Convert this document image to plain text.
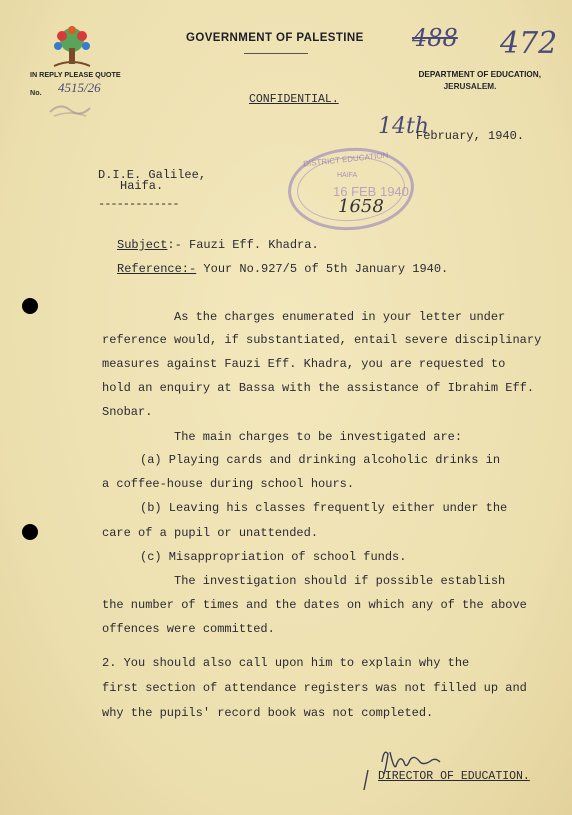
GOVERNMENT OF PALESTINE 488 472
IN REPLY PLEASE QUOTE
No. 4515/26
DEPARTMENT OF EDUCATION,
JERUSALEM.
CONFIDENTIAL.
14th
February, 1940.
D.I.E. Galilee,
Haifa.
-------------
DISTRICT EDUCATION
HAIFA
16 FEB 1940
1658
Subject:- Fauzi Eff. Khadra.
Reference:- Your No.927/5 of 5th January 1940.
As the charges enumerated in your letter under
reference would, if substantiated, entail severe disciplinary
measures against Fauzi Eff. Khadra, you are requested to
hold an enquiry at Bassa with the assistance of Ibrahim Eff.
Snobar.
The main charges to be investigated are:
(a) Playing cards and drinking alcoholic drinks in
a coffee-house during school hours.
(b) Leaving his classes frequently either under the
care of a pupil or unattended.
(c) Misappropriation of school funds.
The investigation should if possible establish
the number of times and the dates on which any of the above
offences were committed.
2. You should also call upon him to explain why the
first section of attendance registers was not filled up and
why the pupils' record book was not completed.
DIRECTOR OF EDUCATION.
